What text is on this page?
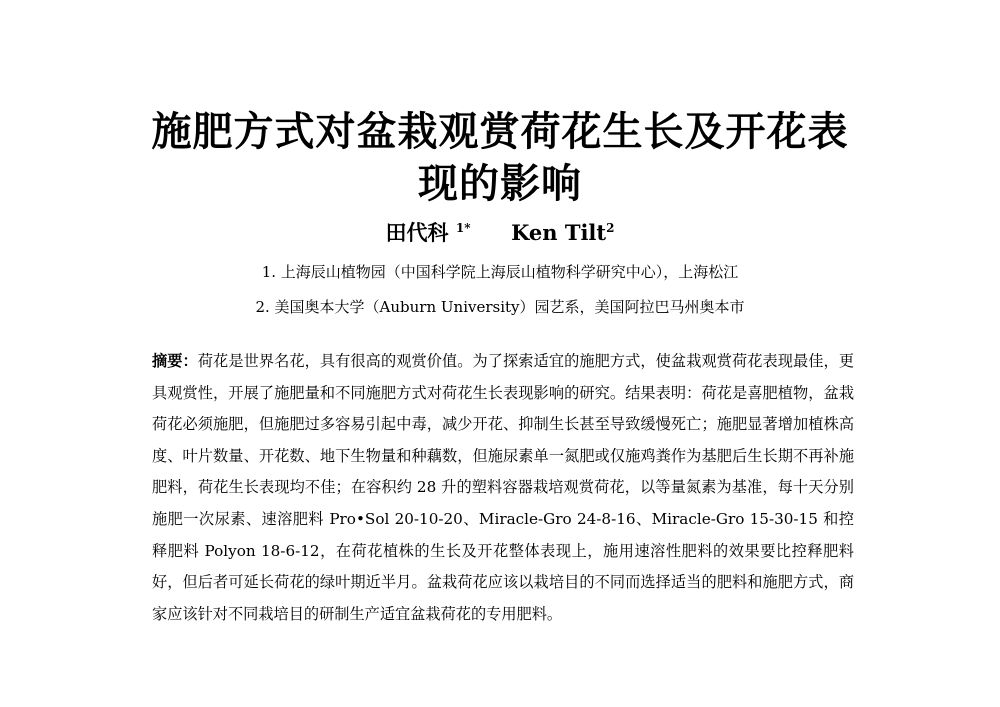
施肥方式对盆栽观赏荷花生长及开花表
现的影响
田代科 $^{1*}$ Ken Tilt$^2$
1. 上海辰山植物园（中国科学院上海辰山植物科学研究中心），上海松江
2. 美国奥本大学（Auburn University）园艺系，美国阿拉巴马州奥本市

摘要：荷花是世界名花，具有很高的观赏价值。为了探索适宜的施肥方式，使盆栽观赏荷花表现最佳，更具观赏性，开展了施肥量和不同施肥方式对荷花生长表现影响的研究。结果表明：荷花是喜肥植物，盆栽荷花必须施肥，但施肥过多容易引起中毒，减少开花、抑制生长甚至导致缓慢死亡；施肥显著增加植株高度、叶片数量、开花数、地下生物量和种藕数，但施尿素单一氮肥或仅施鸡粪作为基肥后生长期不再补施肥料，荷花生长表现均不佳；在容积约 28 升的塑料容器栽培观赏荷花，以等量氮素为基准，每十天分别施肥一次尿素、速溶肥料 Pro•Sol 20-10-20、Miracle-Gro 24-8-16、Miracle-Gro 15-30-15 和控释肥料 Polyon 18-6-12，在荷花植株的生长及开花整体表现上，施用速溶性肥料的效果要比控释肥料好，但后者可延长荷花的绿叶期近半月。盆栽荷花应该以栽培目的不同而选择适当的肥料和施肥方式，商家应该针对不同栽培目的研制生产适宜盆栽荷花的专用肥料。
